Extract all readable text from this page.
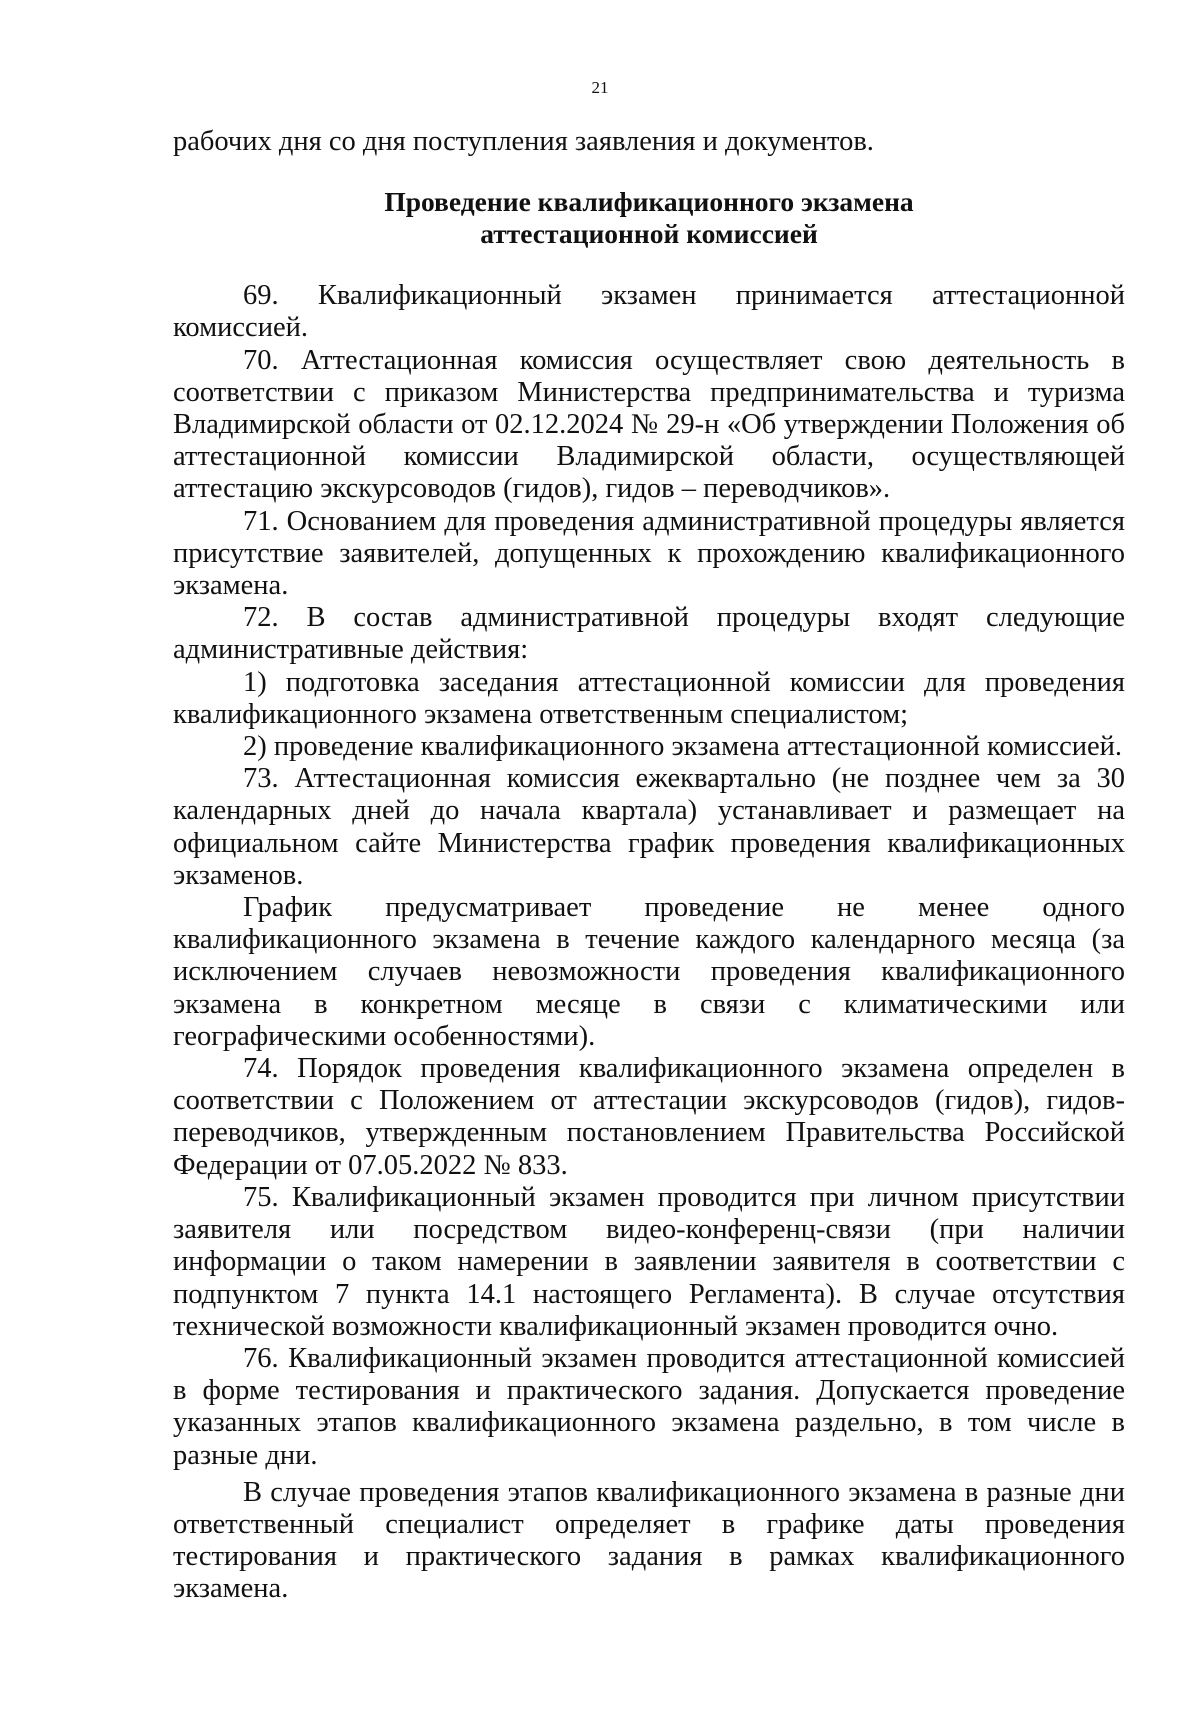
21

рабочих дня со дня поступления заявления и документов.

Проведение квалификационного экзамена
аттестационной комиссией

69. Квалификационный экзамен принимается аттестационной комиссией.

70. Аттестационная комиссия осуществляет свою деятельность в соответствии с приказом Министерства предпринимательства и туризма Владимирской области от 02.12.2024 № 29-н «Об утверждении Положения об аттестационной комиссии Владимирской области, осуществляющей аттестацию экскурсоводов (гидов), гидов – переводчиков».

71. Основанием для проведения административной процедуры является присутствие заявителей, допущенных к прохождению квалификационного экзамена.

72. В состав административной процедуры входят следующие административные действия:

1) подготовка заседания аттестационной комиссии для проведения квалификационного экзамена ответственным специалистом;

2) проведение квалификационного экзамена аттестационной комиссией.

73. Аттестационная комиссия ежеквартально (не позднее чем за 30 календарных дней до начала квартала) устанавливает и размещает на официальном сайте Министерства график проведения квалификационных экзаменов.

График предусматривает проведение не менее одного квалификационного экзамена в течение каждого календарного месяца (за исключением случаев невозможности проведения квалификационного экзамена в конкретном месяце в связи с климатическими или географическими особенностями).

74. Порядок проведения квалификационного экзамена определен в соответствии с Положением от аттестации экскурсоводов (гидов), гидов-переводчиков, утвержденным постановлением Правительства Российской Федерации от 07.05.2022 № 833.

75. Квалификационный экзамен проводится при личном присутствии заявителя или посредством видео-конференц-связи (при наличии информации о таком намерении в заявлении заявителя в соответствии с подпунктом 7 пункта 14.1 настоящего Регламента). В случае отсутствия технической возможности квалификационный экзамен проводится очно.

76. Квалификационный экзамен проводится аттестационной комиссией в форме тестирования и практического задания. Допускается проведение указанных этапов квалификационного экзамена раздельно, в том числе в разные дни.

В случае проведения этапов квалификационного экзамена в разные дни ответственный специалист определяет в графике даты проведения тестирования и практического задания в рамках квалификационного экзамена.
